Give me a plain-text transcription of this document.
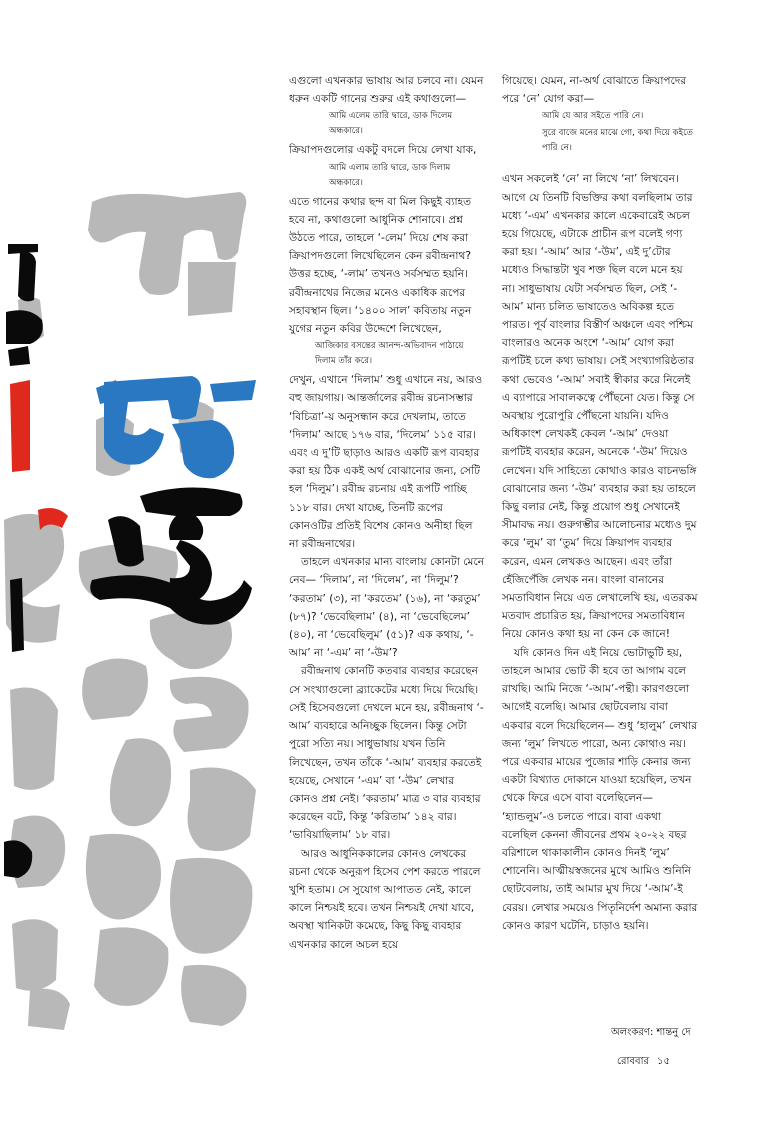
এগুলো এখনকার ভাষায় আর চলবে না। যেমন ধরুন একটি গানের শুরুর এই কথাগুলো—

আমি এলেম তারি দ্বারে, ডাক দিলেম অন্ধকারে।

ক্রিয়াপদগুলোর একটু বদলে দিয়ে লেখা যাক,

আমি এলাম তারি দ্বারে, ডাক দিলাম অন্ধকারে।

এতে গানের কথার ছন্দ বা মিল কিছুই ব্যাহত হবে না, কথাগুলো আধুনিক শোনাবে। প্রশ্ন উঠতে পারে, তাহলে ‘-লেম’ দিয়ে শেষ করা ক্রিয়াপদগুলো লিখেছিলেন কেন রবীন্দ্রনাথ? উত্তর হচ্ছে, ‘-লাম’ তখনও সর্বসম্মত হয়নি। রবীন্দ্রনাথের নিজের মনেও একাধিক রূপের সহাবস্থান ছিল। ‘১৪০০ সাল’ কবিতায় নতুন যুগের নতুন কবির উদ্দেশে লিখেছেন,

আজিকার বসন্তের আনন্দ-অভিবাদন পাঠায়ে দিলাম তাঁর করে।

দেখুন, এখানে ‘দিলাম’ শুধু এখানে নয়, আরও বহু জায়গায়। আন্তর্জালের রবীন্দ্র রচনাসম্ভার ‘বিচিত্রা’-য় অনুসন্ধান করে দেখলাম, তাতে ‘দিলাম’ আছে ১৭৬ বার, ‘দিলেম’ ১১৫ বার। এবং এ দু’টি ছাড়াও আরও একটি রূপ ব্যবহার করা হয় ঠিক একই অর্থ বোঝানোর জন্য, সেটি হল ‘দিলুম’। রবীন্দ্র রচনায় এই রূপটি পাচ্ছি ১১৮ বার। দেখা যাচ্ছে, তিনটি রূপের কোনওটির প্রতিই বিশেষ কোনও অনীহা ছিল না রবীন্দ্রনাথের।

তাহলে এখনকার মান্য বাংলায় কোনটা মেনে নেব— ‘দিলাম’, না ‘দিলেম’, না ‘দিলুম’? ‘করতাম’ (৩), না ‘করতেম’ (১৬), না ‘করতুম’ (৮৭)? ‘ভেবেছিলাম’ (৪), না ‘ভেবেছিলেম’ (৪০), না ‘ভেবেছিলুম’ (৫১)? এক কথায়, ‘-আম’ না ‘-এম’ না ‘-উম’?

রবীন্দ্রনাথ কোনটি কতবার ব্যবহার করেছেন সে সংখ্যাগুলো ব্র্যাকেটের মধ্যে দিয়ে দিয়েছি। সেই হিসেবগুলো দেখলে মনে হয়, রবীন্দ্রনাথ ‘-আম’ ব্যবহারে অনিচ্ছুক ছিলেন। কিন্তু সেটা পুরো সত্যি নয়। সাধুভাষায় যখন তিনি লিখেছেন, তখন তাঁকে ‘-আম’ ব্যবহার করতেই হয়েছে, সেখানে ‘-এম’ বা ‘-উম’ লেখার কোনও প্রশ্ন নেই। ‘করতাম’ মাত্র ৩ বার ব্যবহার করেছেন বটে, কিন্তু ‘করিতাম’ ১৪২ বার। ‘ভাবিয়াছিলাম’ ১৮ বার।

আরও আধুনিককালের কোনও লেখকের রচনা থেকে অনুরূপ হিসেব পেশ করতে পারলে খুশি হতাম। সে সুযোগ আপাতত নেই, কালে কালে নিশ্চয়ই হবে। তখন নিশ্চয়ই দেখা যাবে, অবস্থা খানিকটা কমেছে, কিছু কিছু ব্যবহার এখনকার কালে অচল হয়ে

গিয়েছে। যেমন, না-অর্থ বোঝাতে ক্রিয়াপদের পরে ‘নে’ যোগ করা—

আমি যে আর সইতে পারি নে।

সুরে বাজে মনের মাঝে গো, কথা দিয়ে কইতে পারি নে।

এখন সকলেই ‘নে’ না লিখে ‘না’ লিখবেন। আগে যে তিনটি বিভক্তির কথা বলছিলাম তার মধ্যে ‘-এম’ এখনকার কালে একেবারেই অচল হয়ে গিয়েছে, এটাকে প্রাচীন রূপ বলেই গণ্য করা হয়। ‘-আম’ আর ‘-উম’, এই দু’টোর মধ্যেও সিদ্ধান্তটা খুব শক্ত ছিল বলে মনে হয় না। সাধুভাষায় যেটা সর্বসম্মত ছিল, সেই ‘-আম’ মান্য চলিত ভাষাতেও অবিকল্প হতে পারত। পূর্ব বাংলার বিস্তীর্ণ অঞ্চলে এবং পশ্চিম বাংলারও অনেক অংশে ‘-আম’ যোগ করা রূপটিই চলে কথ্য ভাষায়। সেই সংখ্যাগরিষ্ঠতার কথা ভেবেও ‘-আম’ সবাই স্বীকার করে নিলেই এ ব্যাপারে সাবালকত্বে পৌঁছনো যেত। কিন্তু সে অবস্থায় পুরোপুরি পৌঁছনো যায়নি। যদিও অধিকাংশ লেখকই কেবল ‘-আম’ দেওয়া রূপটিই ব্যবহার করেন, অনেকে ‘-উম’ দিয়েও লেখেন। যদি সাহিত্যে কোথাও কারও বাচনভঙ্গি বোঝানোর জন্য ‘-উম’ ব্যবহার করা হয় তাহলে কিছু বলার নেই, কিন্তু প্রয়োগ শুধু সেখানেই সীমাবদ্ধ নয়। গুরুগম্ভীর আলোচনার মধ্যেও দুম করে ‘লুম’ বা ‘তুম’ দিয়ে ক্রিয়াপদ ব্যবহার করেন, এমন লেখকও আছেন। এবং তাঁরা হেঁজিপেঁজি লেখক নন। বাংলা বানানের সমতাবিধান নিয়ে এত লেখালেখি হয়, এতরকম মতবাদ প্রচারিত হয়, ক্রিয়াপদের সমতাবিধান নিয়ে কোনও কথা হয় না কেন কে জানে!

যদি কোনও দিন এই নিয়ে ভোটাভুটি হয়, তাহলে আমার ভোট কী হবে তা আগাম বলে রাখছি। আমি নিজে ‘-আম’-পন্থী। কারণগুলো আগেই বলেছি। আমার ছোটবেলায় বাবা একবার বলে দিয়েছিলেন— শুধু ‘হালুম’ লেখার জন্য ‘লুম’ লিখতে পারো, অন্য কোথাও নয়। পরে একবার মায়ের পুজোর শাড়ি কেনার জন্য একটা বিখ্যাত দোকানে যাওয়া হয়েছিল, তখন থেকে ফিরে এসে বাবা বলেছিলেন— ‘হ্যান্ডলুম’-ও চলতে পারে। বাবা একথা বলেছিল কেননা জীবনের প্রথম ২০-২২ বছর বরিশালে থাকাকালীন কোনও দিনই ‘লুম’ শোনেনি। আত্মীয়স্বজনের মুখে আমিও শুনিনি ছোটবেলায়, তাই আমার মুখ দিয়ে ‘-আম’-ই বেরয়। লেখার সময়েও পিতৃনির্দেশ অমান্য করার কোনও কারণ ঘটেনি, চাড়াও হয়নি।

অলংকরণ: শান্তনু দে
রোববার ১৫
